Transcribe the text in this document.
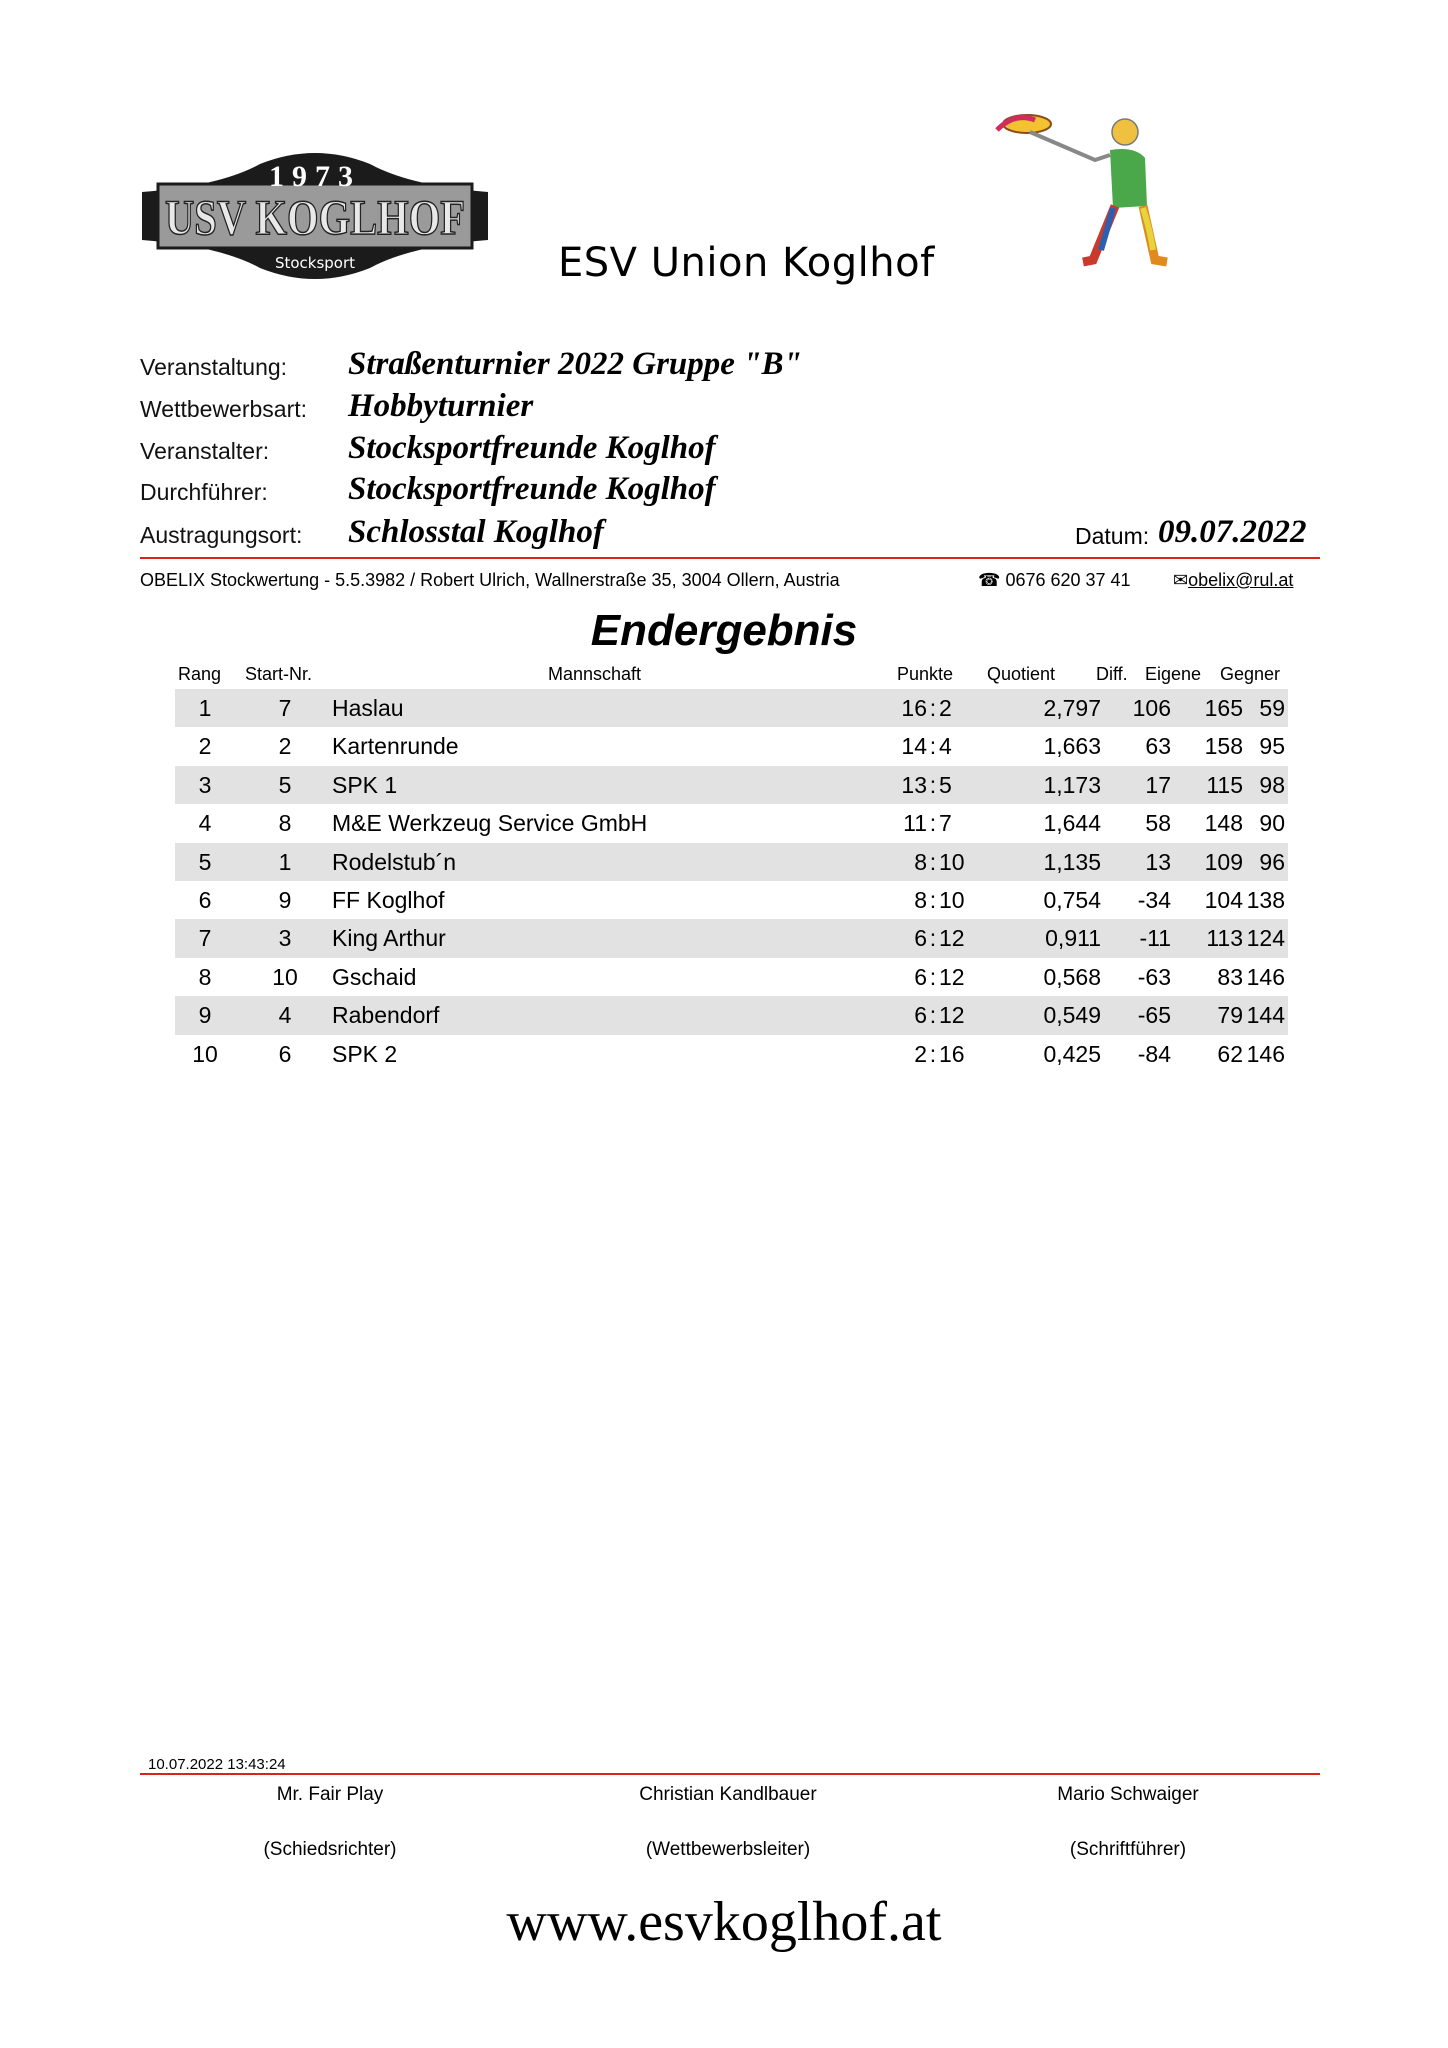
1973
USV KOGLHOF
Stocksport	ESV Union Koglhof
Veranstaltung: Straßenturnier 2022 Gruppe "B"
Wettbewerbsart: Hobbyturnier
Veranstalter: Stocksportfreunde Koglhof
Durchführer: Stocksportfreunde Koglhof
Austragungsort: Schlosstal Koglhof	Datum: 09.07.2022
OBELIX Stockwertung - 5.5.3982 / Robert Ulrich, Wallnerstraße 35, 3004 Ollern, Austria	☎ 0676 620 37 41 ✉obelix@rul.at
Endergebnis
Rang Start-Nr.	Mannschaft	Punkte Quotient Diff. Eigene Gegner
1	7	Haslau	16 : 2	2,797	106	165 59
2	2	Kartenrunde	14 : 4	1,663	63	158 95
3	5	SPK 1	13 : 5	1,173	17	115 98
4	8	M&E Werkzeug Service GmbH	11 : 7	1,644	58	148 90
5	1	Rodelstub´n	8 : 10	1,135	13	109 96
6	9	FF Koglhof	8 : 10	0,754	-34	104 138
7	3	King Arthur	6 : 12	0,911	-11	113 124
8	10	Gschaid	6 : 12	0,568	-63	83 146
9	4	Rabendorf	6 : 12	0,549	-65	79 144
10	6	SPK 2	2 : 16	0,425	-84	62 146
10.07.2022 13:43:24
Mr. Fair Play
(Schiedsrichter)
Christian Kandlbauer
(Wettbewerbsleiter)
Mario Schwaiger
(Schriftführer)
www.esvkoglhof.at
